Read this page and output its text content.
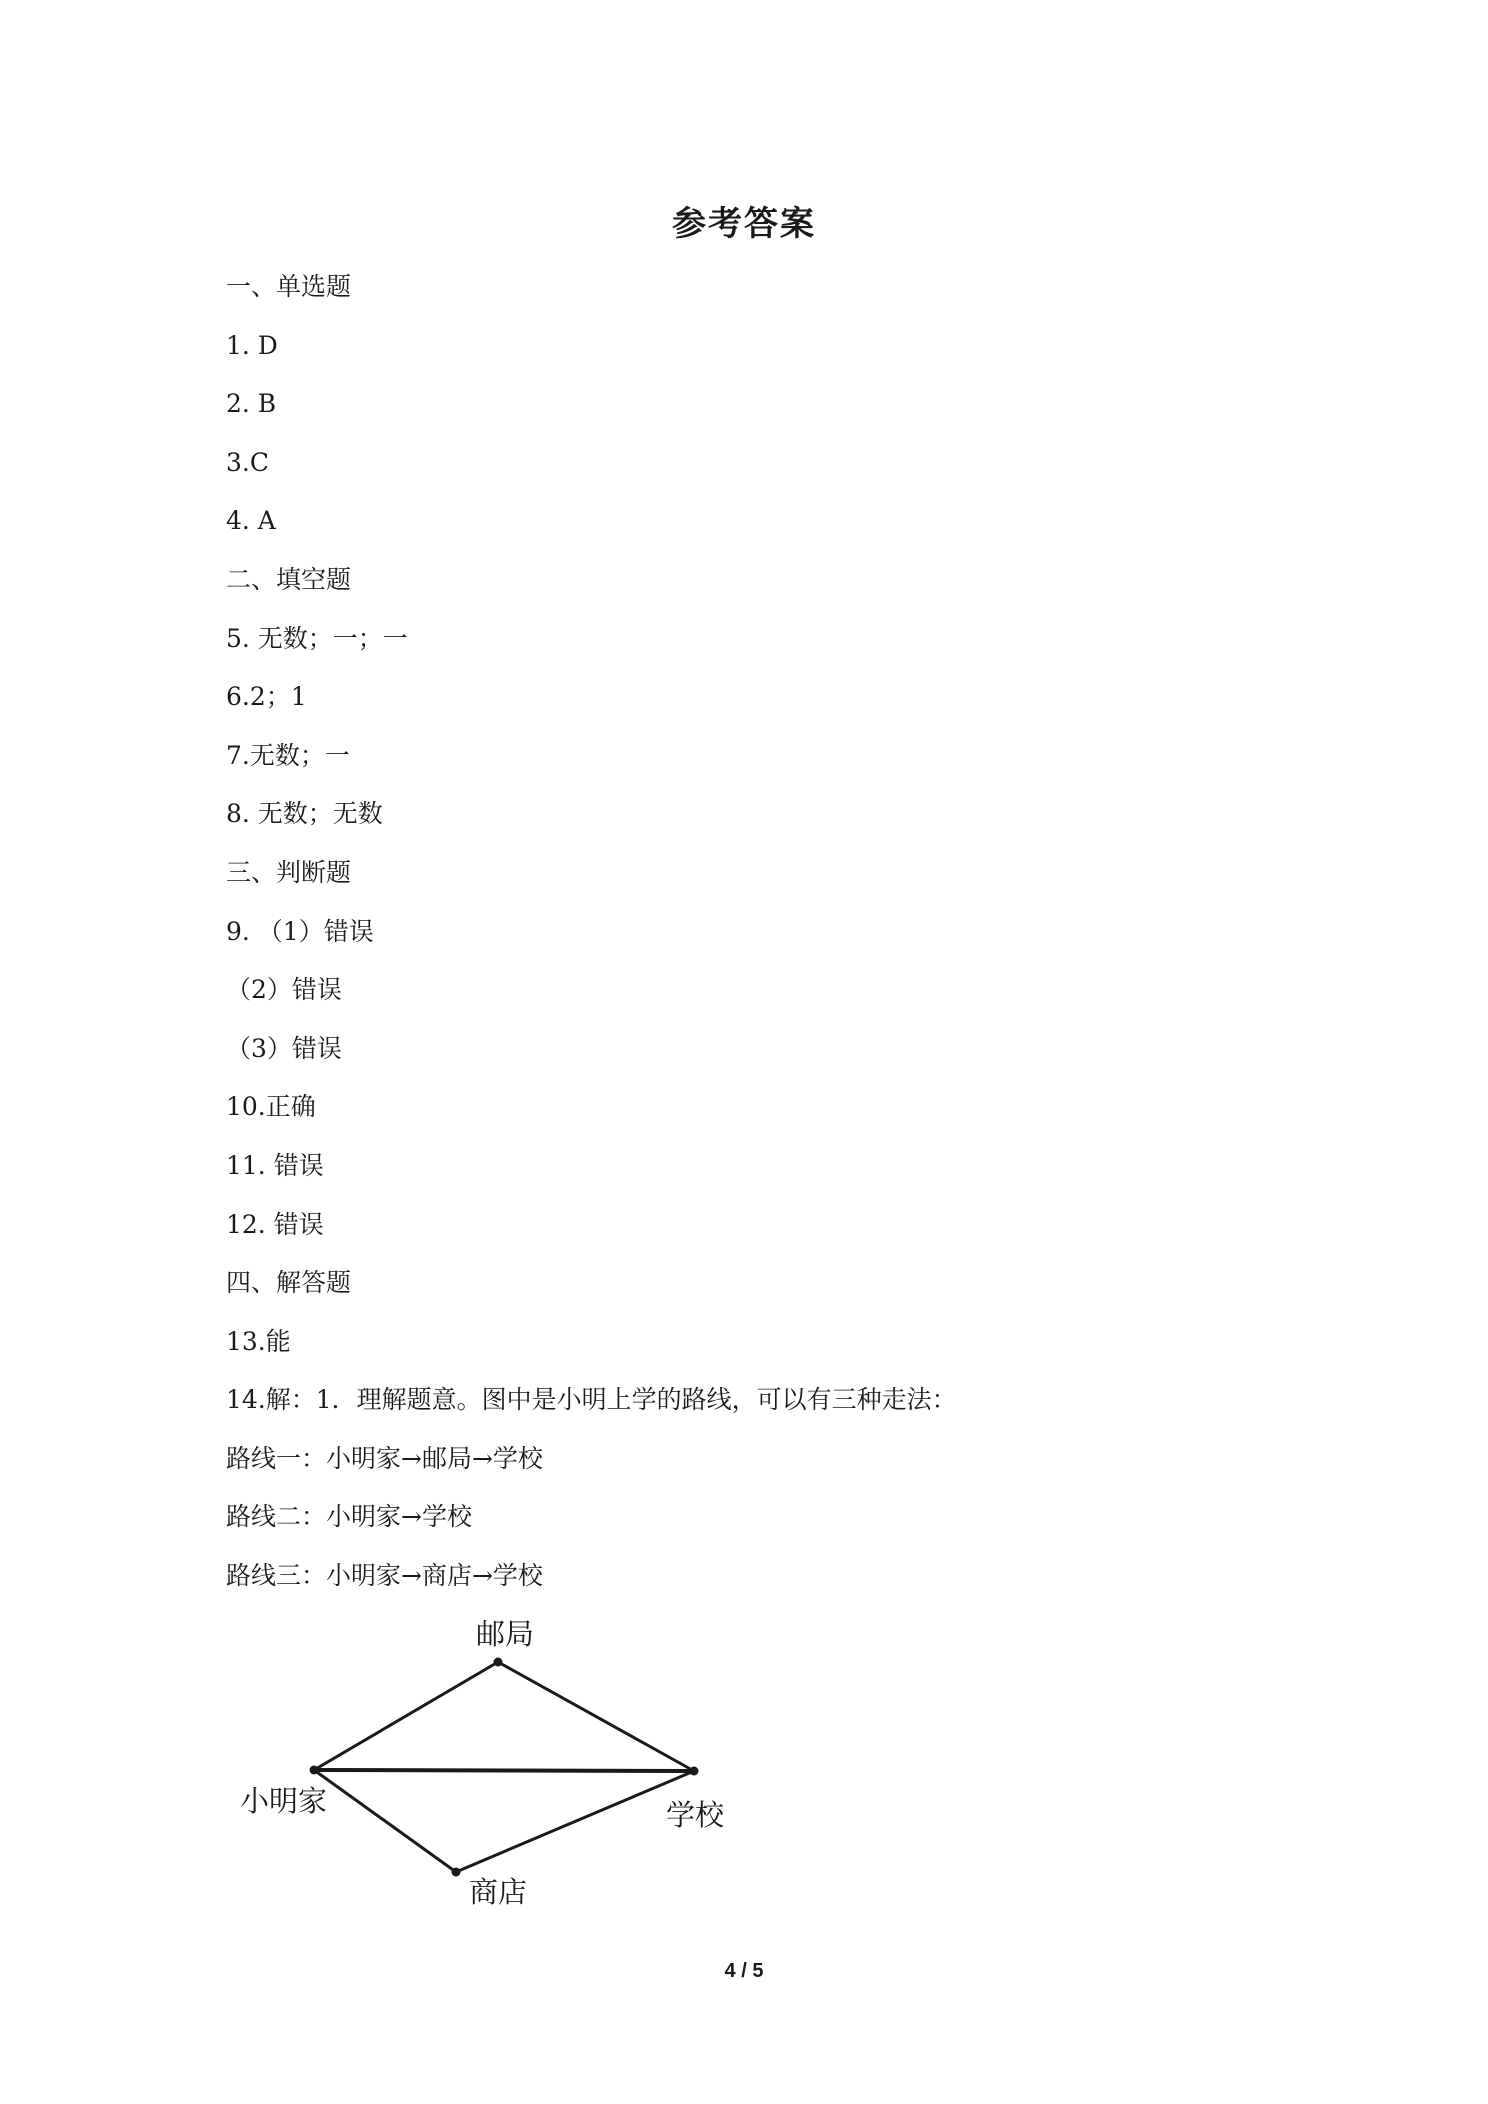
参考答案
一、单选题
1. D
2. B
3.C
4. A
二、填空题
5. 无数；一；一
6.2；1
7.无数；一
8. 无数；无数
三、判断题
9. （1）错误
（2）错误
（3）错误
10.正确
11. 错误
12. 错误
四、解答题
13.能
14.解：1．理解题意。图中是小明上学的路线，可以有三种走法：
路线一：小明家→邮局→学校
路线二：小明家→学校
路线三：小明家→商店→学校
邮局
小明家	学校
商店
4 / 5
